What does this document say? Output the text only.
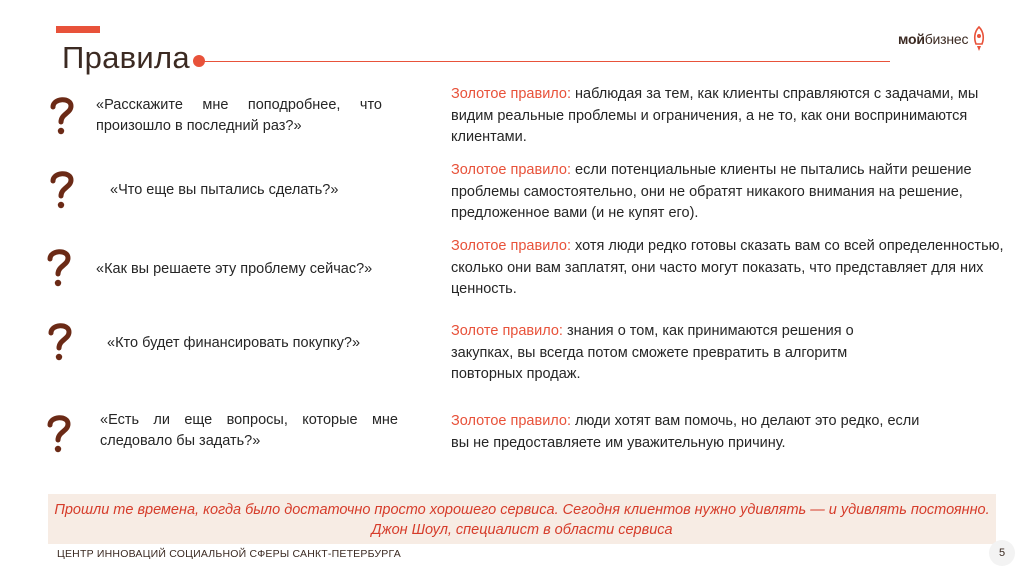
Правила
мойбизнес
«Расскажите мне поподробнее, что произошло в последний раз?»
«Что еще вы пытались сделать?»
«Как вы решаете эту проблему сейчас?»
«Кто будет финансировать покупку?»
«Есть ли еще вопросы, которые мне следовало бы задать?»
Золотое правило: наблюдая за тем, как клиенты справляются с задачами, мы видим реальные проблемы и ограничения, а не то, как они воспринимаются клиентами.
Золотое правило: если потенциальные клиенты не пытались найти решение проблемы самостоятельно, они не обратят никакого внимания на решение, предложенное вами (и не купят его).
Золотое правило: хотя люди редко готовы сказать вам со всей определенностью, сколько они вам заплатят, они часто могут показать, что представляет для них ценность.
Золоте правило: знания о том, как принимаются решения о закупках, вы всегда потом сможете превратить в алгоритм повторных продаж.
Золотое правило: люди хотят вам помочь, но делают это редко, если вы не предоставляете им уважительную причину.
Прошли те времена, когда было достаточно просто хорошего сервиса. Сегодня клиентов нужно удивлять — и удивлять постоянно. Джон Шоул, специалист в области сервиса
ЦЕНТР ИННОВАЦИЙ СОЦИАЛЬНОЙ СФЕРЫ САНКТ-ПЕТЕРБУРГА	5
